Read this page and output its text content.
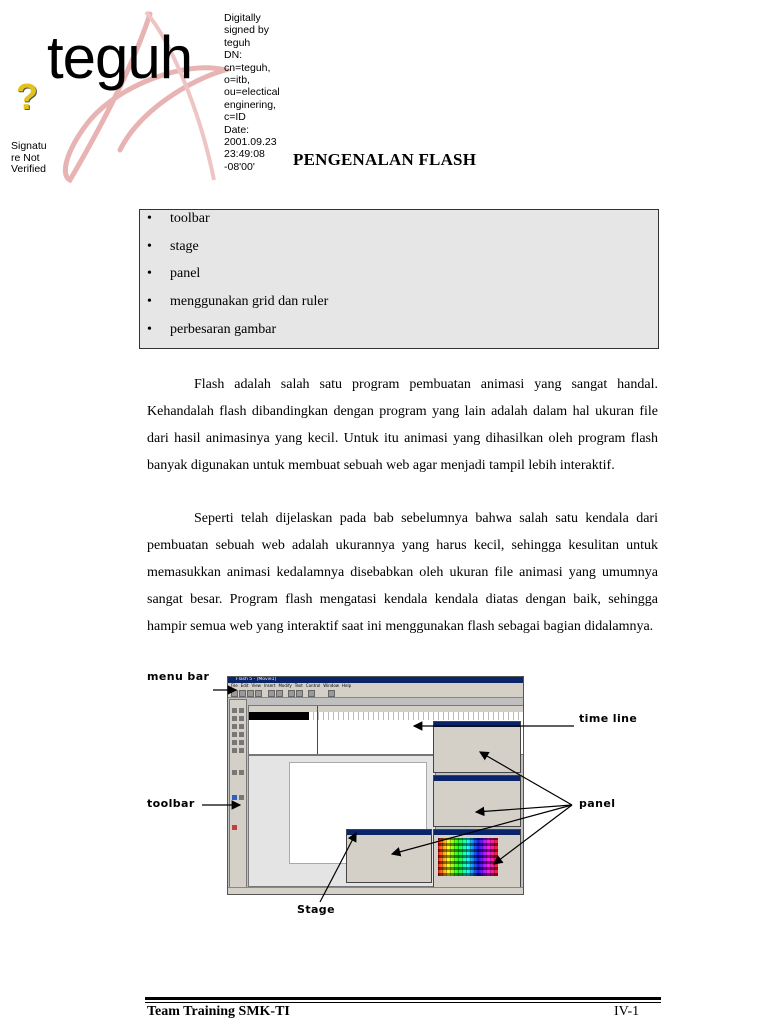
teguh
?
Signatu
re Not
Verified
Digitally
signed by
teguh
DN:
cn=teguh,
o=itb,
ou=electical
enginering,
c=ID
Date:
2001.09.23
23:49:08
-08'00'	PENGENALAN FLASH
• toolbar
• stage
• panel
• menggunakan grid dan ruler
• perbesaran gambar
Flash adalah salah satu program pembuatan animasi yang sangat handal. Kehandalah flash dibandingkan dengan program yang lain adalah dalam hal ukuran file dari hasil animasinya yang kecil. Untuk itu animasi yang dihasilkan oleh program flash banyak digunakan untuk membuat sebuah web agar menjadi tampil lebih interaktif.
Seperti telah dijelaskan pada bab sebelumnya bahwa salah satu kendala dari pembuatan sebuah web adalah ukurannya yang harus kecil, sehingga kesulitan untuk memasukkan animasi kedalamnya disebabkan oleh ukuran file animasi yang umumnya sangat besar. Program flash mengatasi kendala kendala diatas dengan baik, sehingga hampir semua web yang interaktif saat ini menggunakan flash sebagai bagian didalamnya.
Flash 5 - [Movie1]
File Edit View Insert Modify Text Control Window Help
menu bar
time line
toolbar	panel
Stage
Team Training SMK-TI	IV-1
